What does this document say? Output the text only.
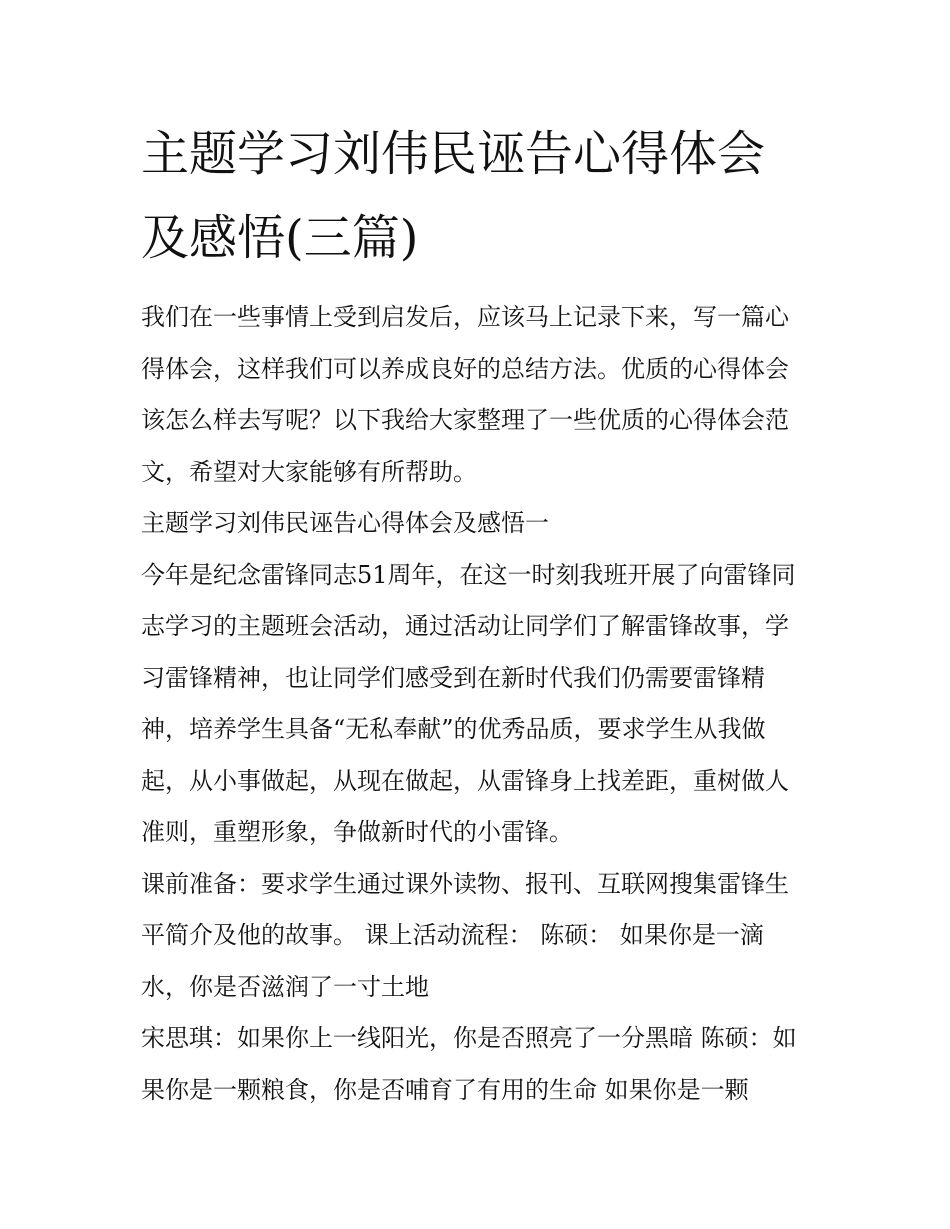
主题学习刘伟民诬告心得体会及感悟(三篇)

我们在一些事情上受到启发后，应该马上记录下来，写一篇心得体会，这样我们可以养成良好的总结方法。优质的心得体会该怎么样去写呢？以下我给大家整理了一些优质的心得体会范文，希望对大家能够有所帮助。

主题学习刘伟民诬告心得体会及感悟一

今年是纪念雷锋同志51周年，在这一时刻我班开展了向雷锋同志学习的主题班会活动，通过活动让同学们了解雷锋故事，学习雷锋精神，也让同学们感受到在新时代我们仍需要雷锋精神，培养学生具备“无私奉献”的优秀品质，要求学生从我做起，从小事做起，从现在做起，从雷锋身上找差距，重树做人准则，重塑形象，争做新时代的小雷锋。

课前准备：要求学生通过课外读物、报刊、互联网搜集雷锋生平简介及他的故事。 课上活动流程： 陈硕： 如果你是一滴水，你是否滋润了一寸土地

宋思琪：如果你上一线阳光，你是否照亮了一分黑暗 陈硕：如果你是一颗粮食，你是否哺育了有用的生命 如果你是一颗
